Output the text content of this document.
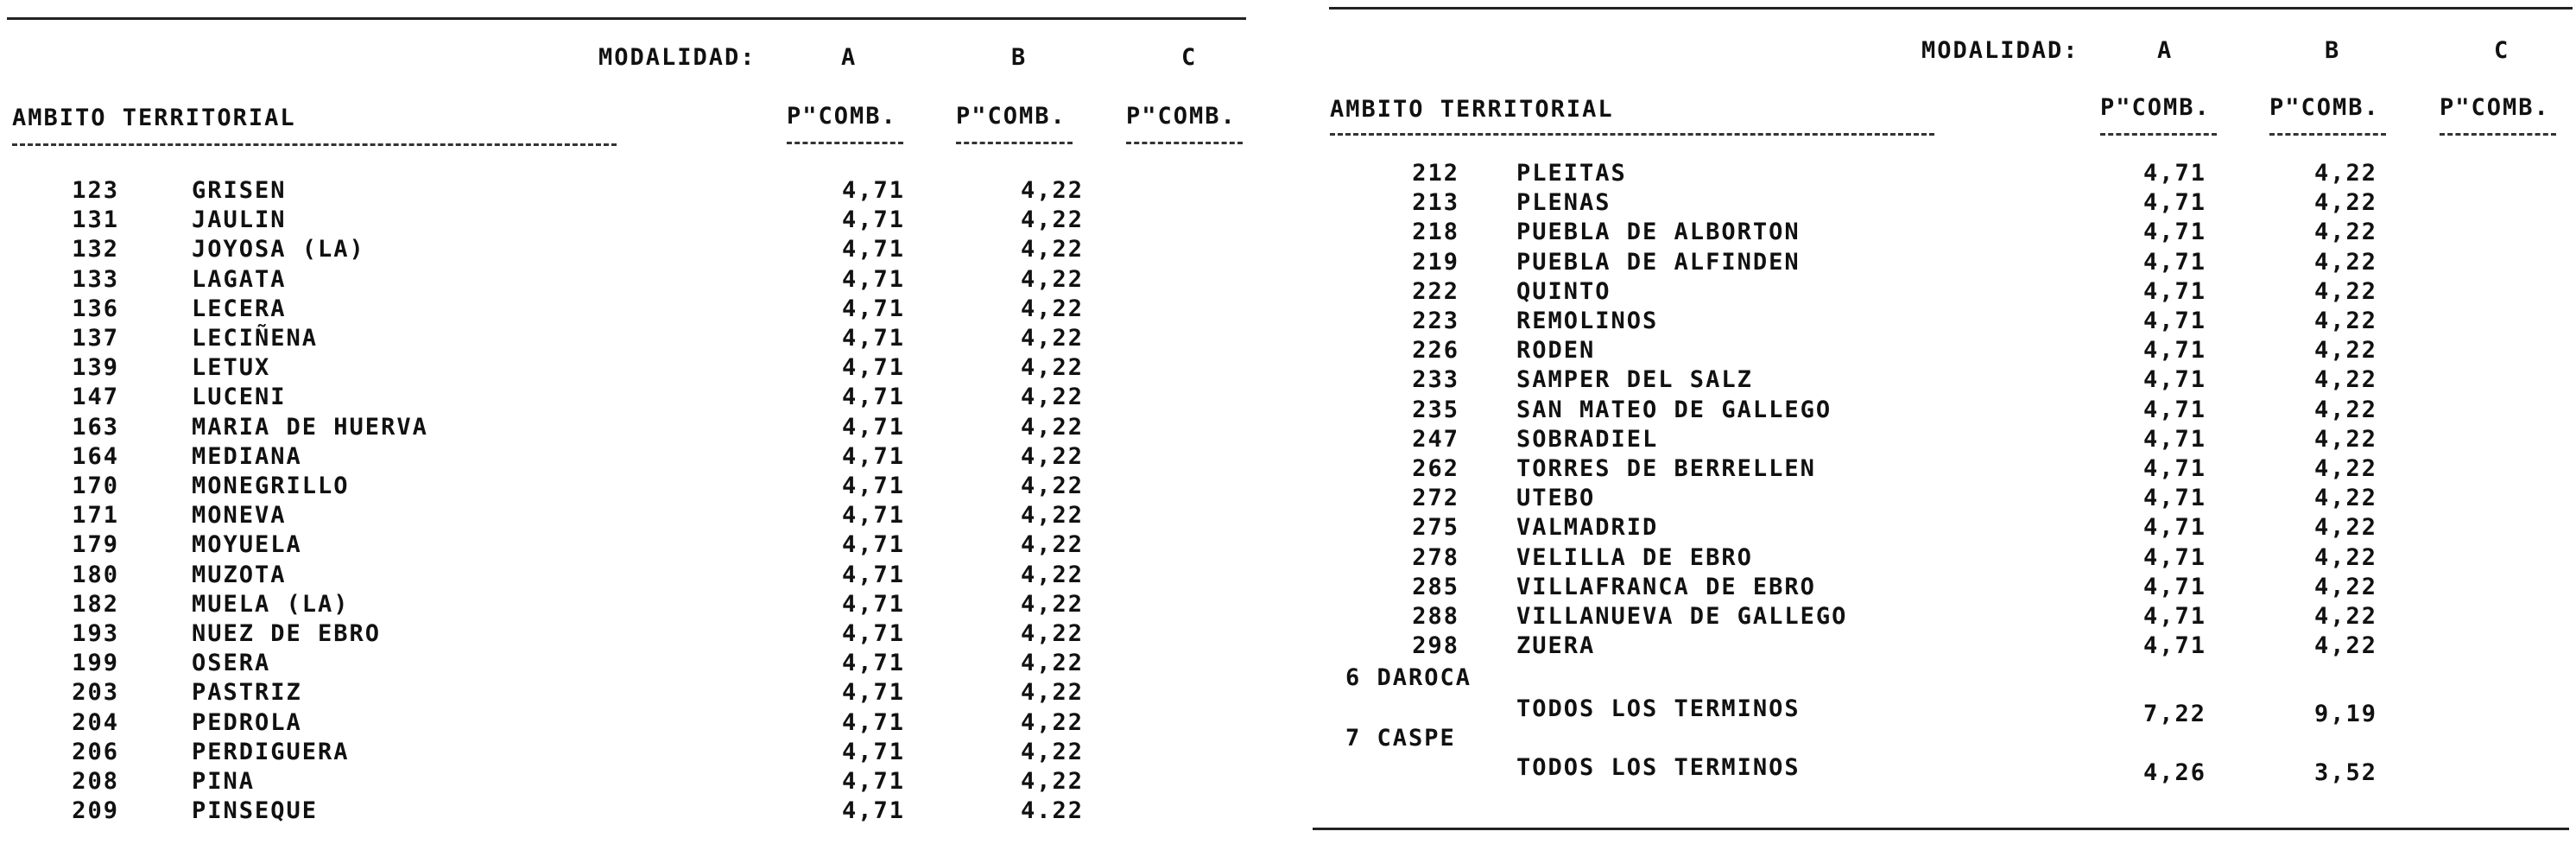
MODALIDAD:	A	B	C
AMBITO TERRITORIAL	P"COMB.	P"COMB.	P"COMB.
123	GRISEN	4,71	4,22
131	JAULIN	4,71	4,22
132	JOYOSA (LA)	4,71	4,22
133	LAGATA	4,71	4,22
136	LECERA	4,71	4,22
137	LECIÑENA	4,71	4,22
139	LETUX	4,71	4,22
147	LUCENI	4,71	4,22
163	MARIA DE HUERVA	4,71	4,22
164	MEDIANA	4,71	4,22
170	MONEGRILLO	4,71	4,22
171	MONEVA	4,71	4,22
179	MOYUELA	4,71	4,22
180	MUZOTA	4,71	4,22
182	MUELA (LA)	4,71	4,22
193	NUEZ DE EBRO	4,71	4,22
199	OSERA	4,71	4,22
203	PASTRIZ	4,71	4,22
204	PEDROLA	4,71	4,22
206	PERDIGUERA	4,71	4,22
208	PINA	4,71	4,22
209	PINSEQUE	4,71	4.22
MODALIDAD:	A	B	C
AMBITO TERRITORIAL	P"COMB.	P"COMB.	P"COMB.
212 PLEITAS	4,71	4,22
213 PLENAS	4,71	4,22
218 PUEBLA DE ALBORTON	4,71	4,22
219 PUEBLA DE ALFINDEN	4,71	4,22
222 QUINTO	4,71	4,22
223 REMOLINOS	4,71	4,22
226 RODEN	4,71	4,22
233 SAMPER DEL SALZ	4,71	4,22
235 SAN MATEO DE GALLEGO	4,71	4,22
247 SOBRADIEL	4,71	4,22
262 TORRES DE BERRELLEN	4,71	4,22
272 UTEBO	4,71	4,22
275 VALMADRID	4,71	4,22
278 VELILLA DE EBRO	4,71	4,22
285 VILLAFRANCA DE EBRO	4,71	4,22
288 VILLANUEVA DE GALLEGO	4,71	4,22
298 ZUERA	4,71	4,22
6 DAROCA
TODOS LOS TERMINOS	7,22	9,19
7 CASPE
TODOS LOS TERMINOS	4,26	3,52
